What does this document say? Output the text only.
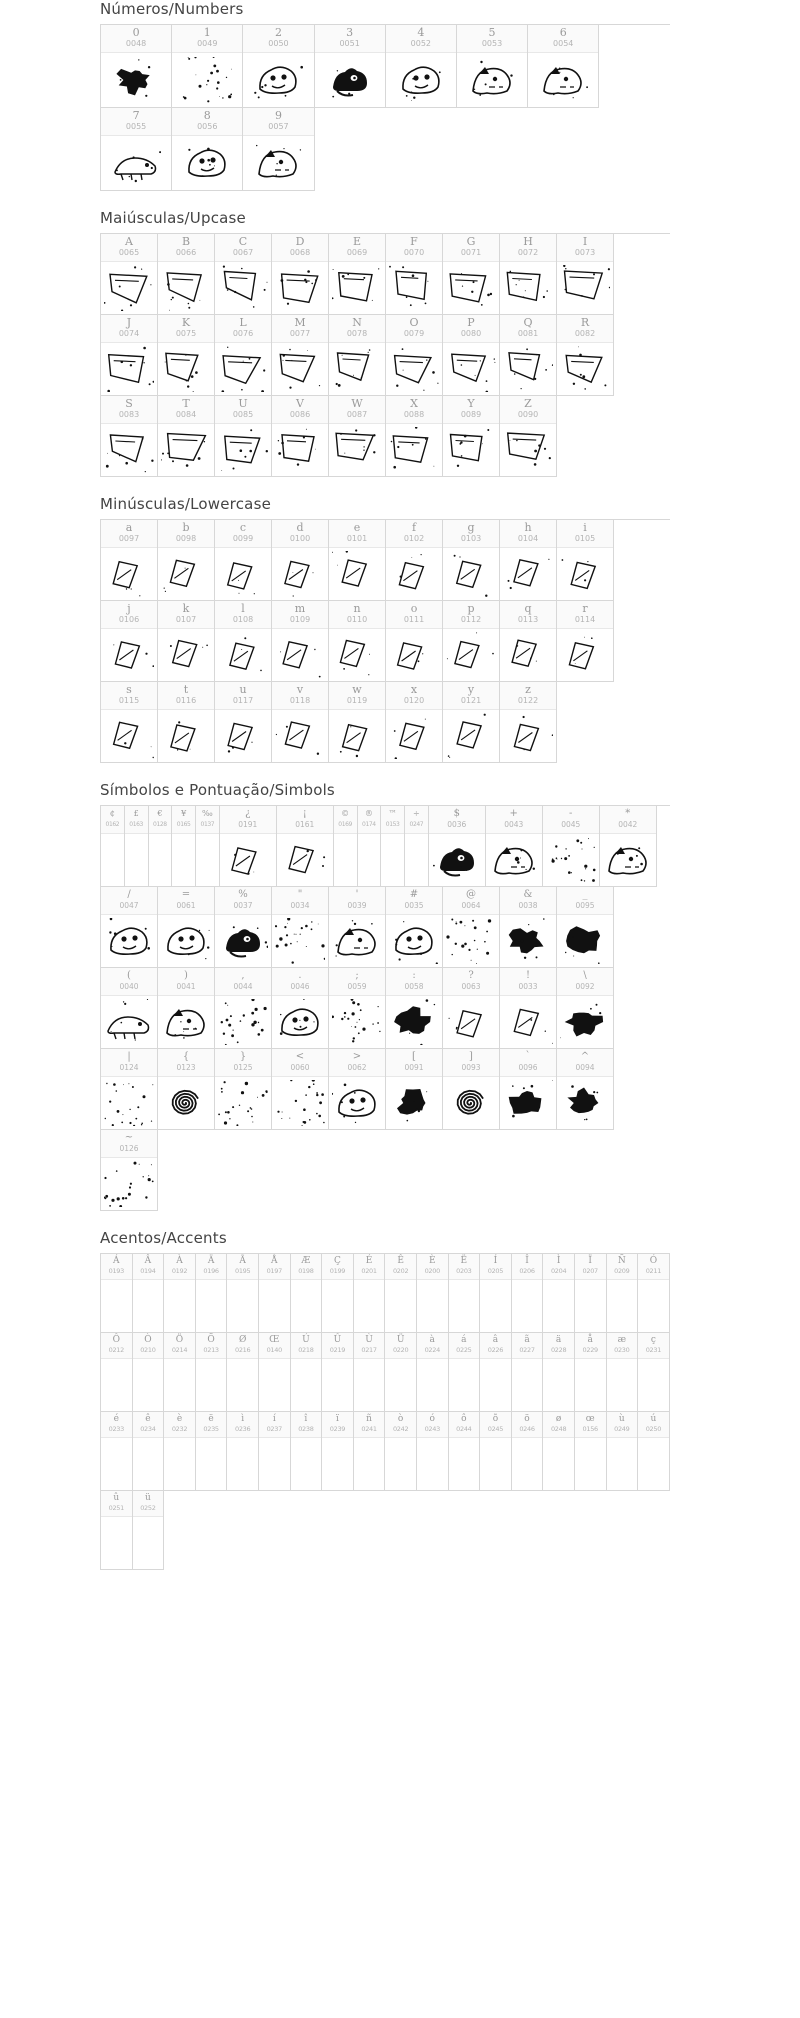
Números/Numbers
0
0048
1
0049
2
0050
3
0051
4
0052
5
0053
6
0054
7
0055
8
0056
9
0057
Maiúsculas/Upcase
A
0065
B
0066
C
0067
D
0068
E
0069
F
0070
G
0071
H
0072
I
0073
J
0074
K
0075
L
0076
M
0077
N
0078
O
0079
P
0080
Q
0081
R
0082
S
0083
T
0084
U
0085
V
0086
W
0087
X
0088
Y
0089
Z
0090
Minúsculas/Lowercase
a
0097
b
0098
c
0099
d
0100
e
0101
f
0102
g
0103
h
0104
i
0105
j
0106
k
0107
l
0108
m
0109
n
0110
o
0111
p
0112
q
0113
r
0114
s
0115
t
0116
u
0117
v
0118
w
0119
x
0120
y
0121
z
0122
Símbolos e Pontuação/Simbols
¢
0162
£
0163
€
0128
¥
0165
‰
0137
¿
0191
¡
0161
©
0169
®
0174
™
0153
÷
0247
$
0036
+
0043
-
0045
*
0042
/
0047
=
0061
%
0037
"
0034
'
0039
#
0035
@
0064
&
0038
_
0095
(
0040
)
0041
,
0044
.
0046
;
0059
:
0058
?
0063
!
0033
\
0092
|
0124
{
0123
}
0125
<
0060
>
0062
[
0091
]
0093
`
0096
^
0094
~
0126
Acentos/Accents
Á
0193
Â
0194
À
0192
Ä
0196
Ã
0195
Å
0197
Æ
0198
Ç
0199
É
0201
Ê
0202
È
0200
Ë
0203
Í
0205
Î
0206
Ì
0204
Ï
0207
Ñ
0209
Ó
0211
Ô
0212
Ò
0210
Ö
0214
Õ
0213
Ø
0216
Œ
0140
Ú
0218
Û
0219
Ù
0217
Ü
0220
à
0224
á
0225
â
0226
ã
0227
ä
0228
å
0229
æ
0230
ç
0231
é
0233
ê
0234
è
0232
ë
0235
ì
0236
í
0237
î
0238
ï
0239
ñ
0241
ò
0242
ó
0243
ô
0244
õ
0245
ö
0246
ø
0248
œ
0156
ù
0249
ú
0250
û
0251
ü
0252
